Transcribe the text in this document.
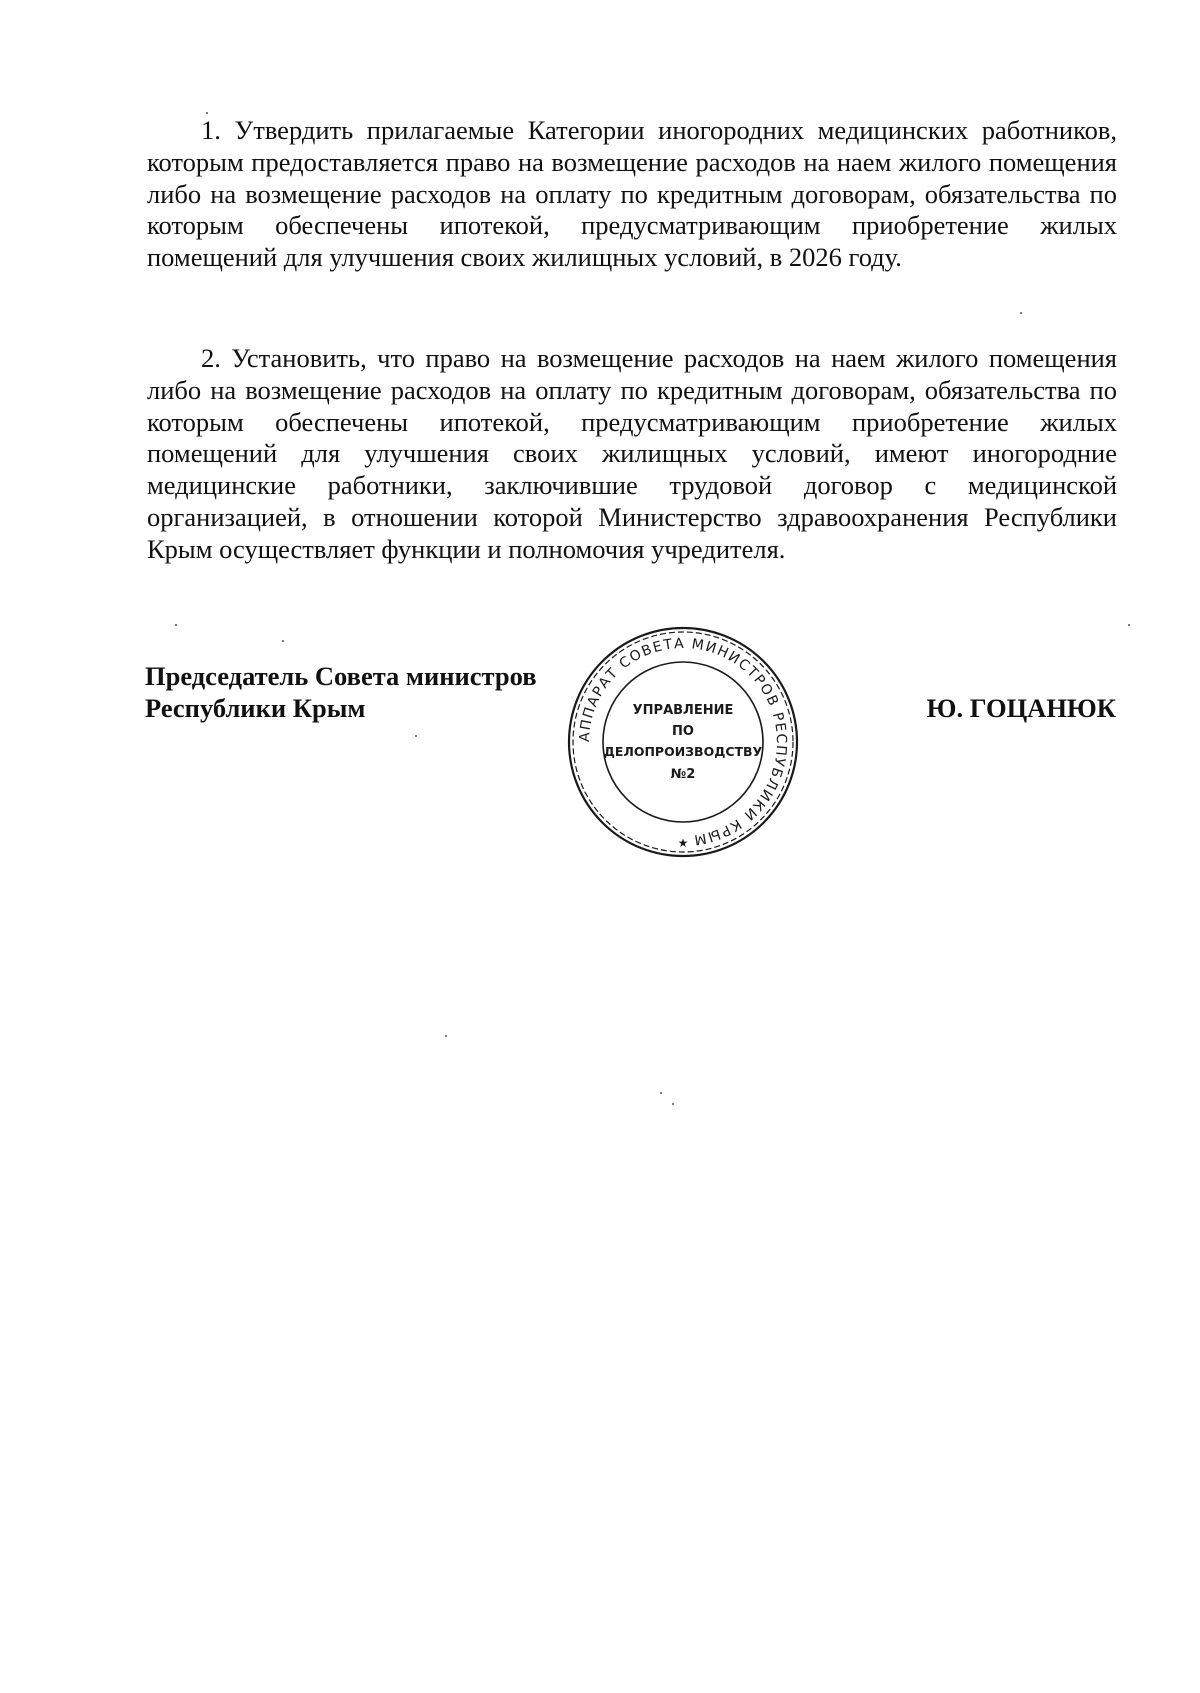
1. Утвердить прилагаемые Категории иногородних медицинских работников, которым предоставляется право на возмещение расходов на наем жилого помещения либо на возмещение расходов на оплату по кредитным договорам, обязательства по которым обеспечены ипотекой, предусматривающим приобретение жилых помещений для улучшения своих жилищных условий, в 2026 году.

2. Установить, что право на возмещение расходов на наем жилого помещения либо на возмещение расходов на оплату по кредитным договорам, обязательства по которым обеспечены ипотекой, предусматривающим приобретение жилых помещений для улучшения своих жилищных условий, имеют иногородние медицинские работники, заключившие трудовой договор с медицинской организацией, в отношении которой Министерство здравоохранения Республики Крым осуществляет функции и полномочия учредителя.

Председатель Совета министров
Республики Крым
АППАРАТ СОВЕТА МИНИСТРОВ РЕСПУБЛИКИ КРЫМ
УПРАВЛЕНИЕ
ПО
ДЕЛОПРОИЗВОДСТВУ
№2
★
Ю. ГОЦАНЮК
